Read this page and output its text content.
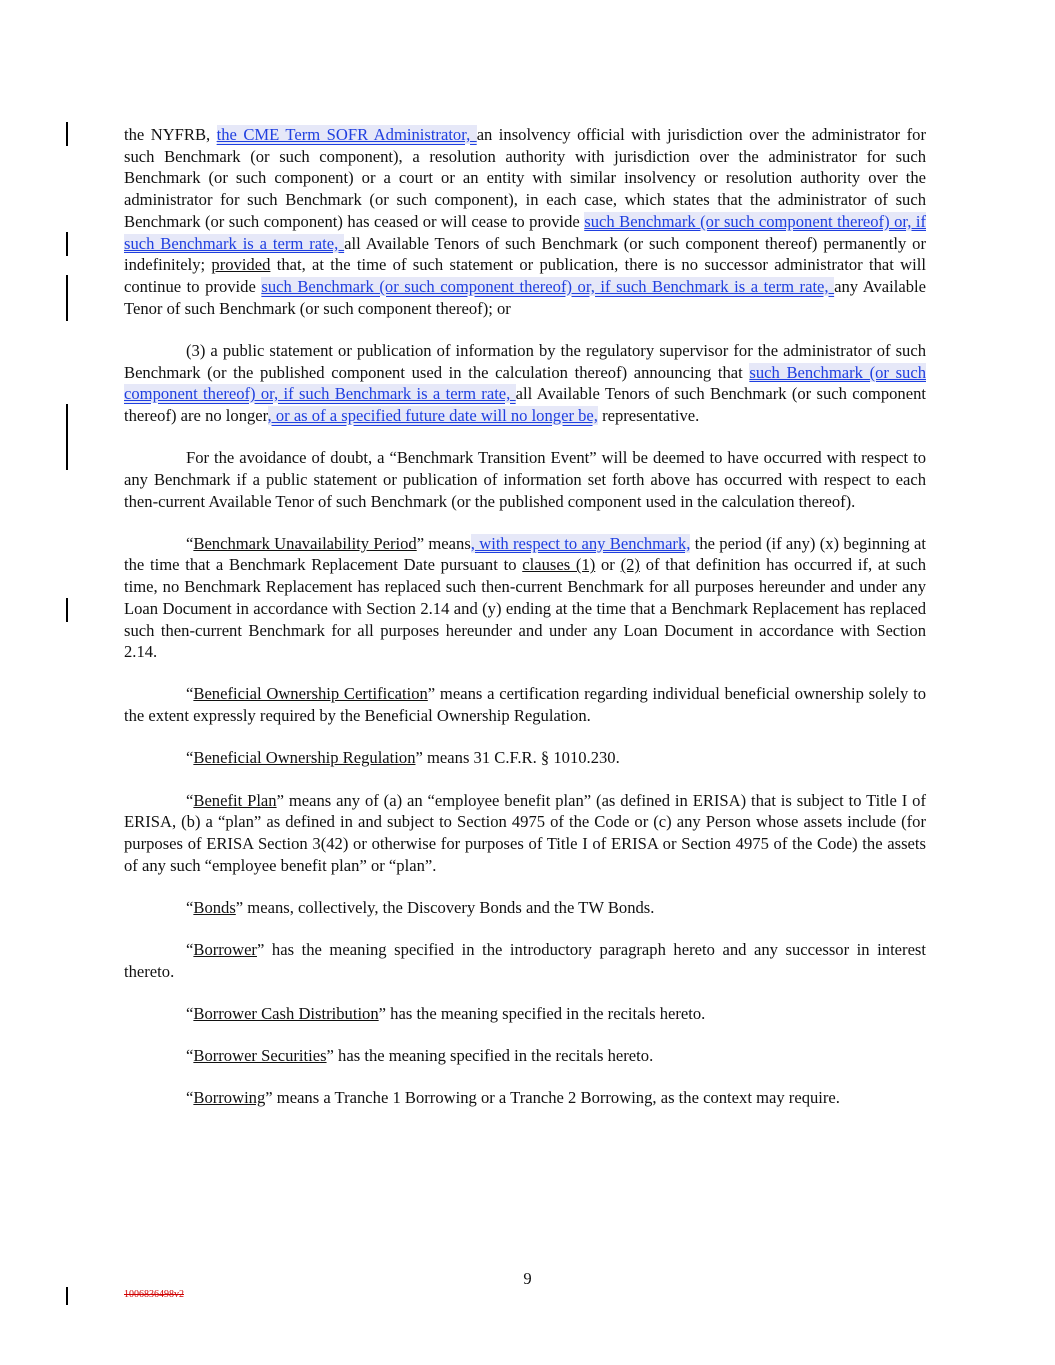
the NYFRB, the CME Term SOFR Administrator, an insolvency official with jurisdiction over the administrator for such Benchmark (or such component), a resolution authority with jurisdiction over the administrator for such Benchmark (or such component) or a court or an entity with similar insolvency or resolution authority over the administrator for such Benchmark (or such component), in each case, which states that the administrator of such Benchmark (or such component) has ceased or will cease to provide such Benchmark (or such component thereof) or, if such Benchmark is a term rate, all Available Tenors of such Benchmark (or such component thereof) permanently or indefinitely; provided that, at the time of such statement or publication, there is no successor administrator that will continue to provide such Benchmark (or such component thereof) or, if such Benchmark is a term rate, any Available Tenor of such Benchmark (or such component thereof); or

(3) a public statement or publication of information by the regulatory supervisor for the administrator of such Benchmark (or the published component used in the calculation thereof) announcing that such Benchmark (or such component thereof) or, if such Benchmark is a term rate, all Available Tenors of such Benchmark (or such component thereof) are no longer, or as of a specified future date will no longer be, representative.

For the avoidance of doubt, a “Benchmark Transition Event” will be deemed to have occurred with respect to any Benchmark if a public statement or publication of information set forth above has occurred with respect to each then-current Available Tenor of such Benchmark (or the published component used in the calculation thereof).

“Benchmark Unavailability Period” means, with respect to any Benchmark, the period (if any) (x) beginning at the time that a Benchmark Replacement Date pursuant to clauses (1) or (2) of that definition has occurred if, at such time, no Benchmark Replacement has replaced such then-current Benchmark for all purposes hereunder and under any Loan Document in accordance with Section 2.14 and (y) ending at the time that a Benchmark Replacement has replaced such then-current Benchmark for all purposes hereunder and under any Loan Document in accordance with Section 2.14.

“Beneficial Ownership Certification” means a certification regarding individual beneficial ownership solely to the extent expressly required by the Beneficial Ownership Regulation.

“Beneficial Ownership Regulation” means 31 C.F.R. § 1010.230.

“Benefit Plan” means any of (a) an “employee benefit plan” (as defined in ERISA) that is subject to Title I of ERISA, (b) a “plan” as defined in and subject to Section 4975 of the Code or (c) any Person whose assets include (for purposes of ERISA Section 3(42) or otherwise for purposes of Title I of ERISA or Section 4975 of the Code) the assets of any such “employee benefit plan” or “plan”.

“Bonds” means, collectively, the Discovery Bonds and the TW Bonds.

“Borrower” has the meaning specified in the introductory paragraph hereto and any successor in interest thereto.

“Borrower Cash Distribution” has the meaning specified in the recitals hereto.

“Borrower Securities” has the meaning specified in the recitals hereto.

“Borrowing” means a Tranche 1 Borrowing or a Tranche 2 Borrowing, as the context may require.

9
1006836498v2
